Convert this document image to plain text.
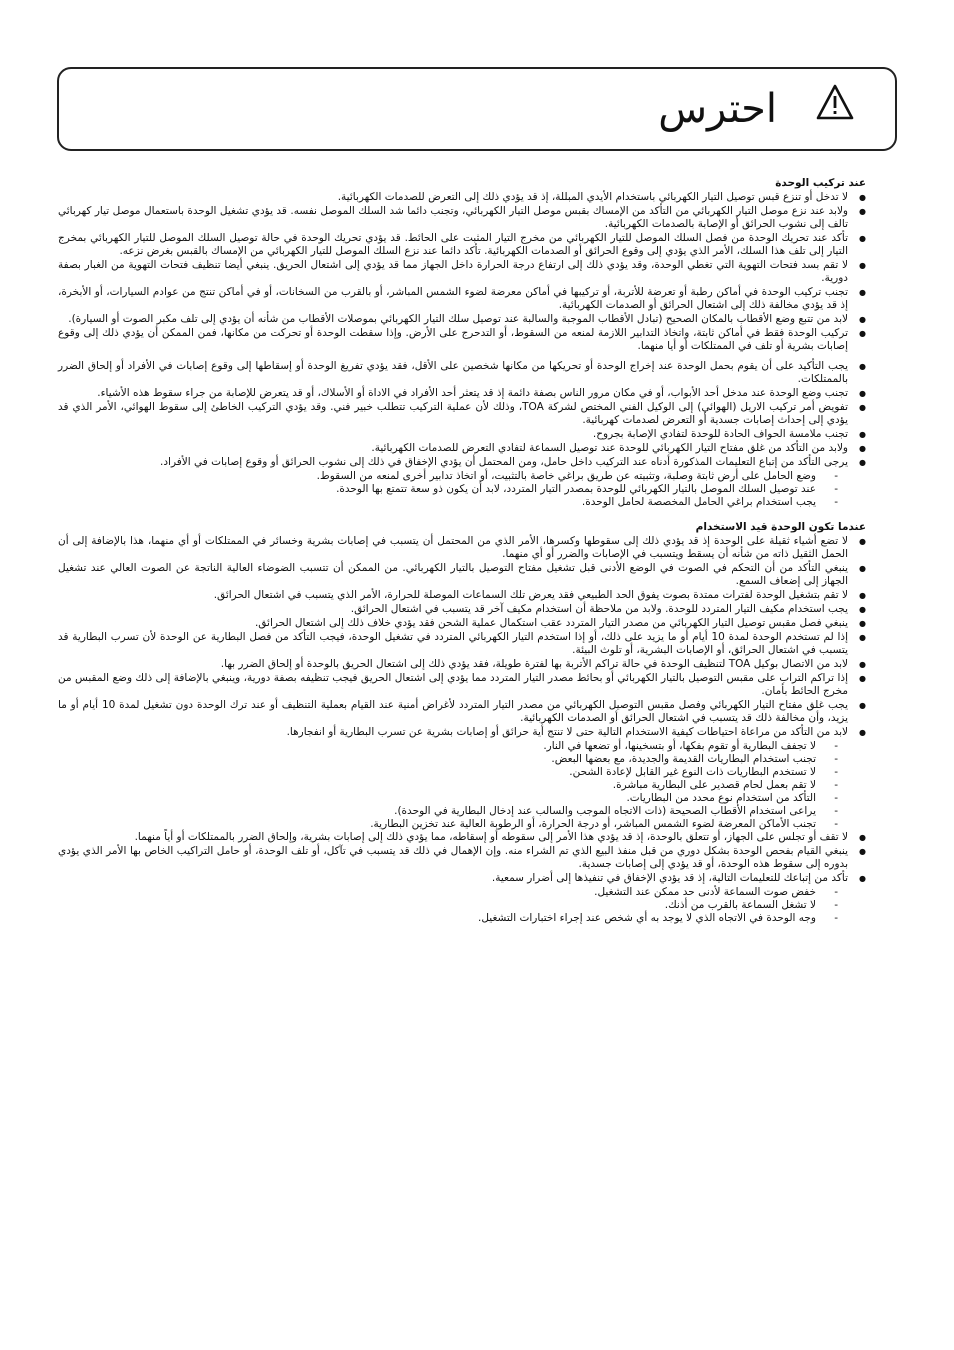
احترس
عند تركيب الوحدة
● لا تدخل أو تنزع قبس توصيل التيار الكهربائي باستخدام الأيدي المبللة، إذ قد يؤدي ذلك إلى التعرض للصدمات الكهربائية.
● ولابد عند نزع موصل التيار الكهربائي من التأكد من الإمساك بقبس موصل التيار الكهربائي، وتجنب دائما شد السلك الموصل نفسه. قد يؤدي تشغيل الوحدة باستعمال موصل تيار كهربائي تالف إلى نشوب الحرائق أو الإصابة بالصدمات الكهربائية.
● تأكد عند تحريك الوحدة من فصل السلك الموصل للتيار الكهربائي من مخرج التيار المثبت على الحائط. قد يؤدي تحريك الوحدة في حالة توصيل السلك الموصل للتيار الكهربائي بمخرج التيار إلى تلف هذا السلك، الأمر الذي يؤدي إلى وقوع الحرائق أو الصدمات الكهربائية. تأكد دائما عند نزع السلك الموصل للتيار الكهربائي من الإمساك بالقبس بغرض نزعه.
● لا تقم بسد فتحات التهوية التي تغطي الوحدة، وقد يؤدي ذلك إلى ارتفاع درجة الحرارة داخل الجهاز مما قد يؤدي إلى اشتعال الحريق. ينبغي أيضا تنظيف فتحات التهوية من الغبار بصفة دورية.
● تجنب تركيب الوحدة في أماكن رطبة أو تعرضة للأتربة، أو تركيبها في أماكن معرضة لضوء الشمس المباشر، أو بالقرب من السخانات، أو في أماكن تنتج من عوادم السيارات، أو الأبخرة، إذ قد يؤدي مخالفة ذلك إلى اشتعال الحرائق أو الصدمات الكهربائية.
● لابد من تتبع وضع الأقطاب بالمكان الصحيح (تبادل الأقطاب الموجبة والسالبة عند توصيل سلك التيار الكهربائي بموصلات الأقطاب من شأنه أن يؤدي إلى تلف مكبر الصوت أو السيارة).
● تركيب الوحدة فقط في أماكن ثابتة، واتخاذ التدابير اللازمة لمنعه من السقوط، أو التدحرج على الأرض. وإذا سقطت الوحدة أو تحركت من مكانها، فمن الممكن أن يؤدي ذلك إلى وقوع إصابات بشرية أو تلف في الممتلكات أو أيا منهما.
● يجب التأكيد على أن يقوم بحمل الوحدة عند إخراج الوحدة أو تحريكها من مكانها شخصين على الأقل، فقد يؤدي تفريغ الوحدة أو إسقاطها إلى وقوع إصابات في الأفراد أو إلحاق الضرر بالممتلكات.
● تجنب وضع الوحدة عند مدخل أحد الأبواب، أو في مكان مرور الناس بصفة دائمة إذ قد يتعثر أحد الأفراد في الاداة أو الأسلاك، أو قد يتعرض للإصابة من جراء سقوط هذه الأشياء.
● تفويض أمر تركيب الاريل (الهوائي) إلى الوكيل الفني المختص لشركة TOA، وذلك لأن عملية التركيب تتطلب خبير فني. وقد يؤدي التركيب الخاطئ إلى سقوط الهوائي، الأمر الذي قد يؤدي إلى إحداث إصابات جسدية أو التعرض لصدمات كهربائية.
● تجنب ملامسة الحواف الحادة للوحدة لتفادي الإصابة بجروح.
● ولابد من التأكد من غلق مفتاح التيار الكهربائي للوحدة عند توصيل السماعة لتفادي التعرض للصدمات الكهربائية.
● يرجى التأكد من إتباع التعليمات المذكورة أدناه عند التركيب داخل حامل، ومن المحتمل أن يؤدي الإخفاق في ذلك إلى نشوب الحرائق أو وقوع إصابات في الأفراد.
- وضع الحامل على أرض ثابتة وصلبة، وتثبيته عن طريق براغي خاصة بالتثبيت، أو اتخاذ تدابير أخرى لمنعه من السقوط.
- عند توصيل السلك الموصل بالتيار الكهربائي للوحدة بمصدر التيار المتردد، لابد أن يكون ذو سعة تتمتع بها الوحدة.
- يجب استخدام براغي الحامل المخصصة لحامل الوحدة.
عندما تكون الوحدة قيد الاستخدام
● لا تضع أشياء ثقيلة على الوحدة إذ قد يؤدي ذلك إلى سقوطها وكسرها، الأمر الذي من المحتمل أن يتسبب في إصابات بشرية وخسائر في الممتلكات أو أي منهما، هذا بالإضافة إلى أن الحمل الثقيل ذاته من شأنه أن يسقط ويتسبب في الإصابات والضرر أو أي منهما.
● ينبغي التأكد من أن التحكم في الصوت في الوضع الأدنى قبل تشغيل مفتاح التوصيل بالتيار الكهربائي. من الممكن أن تتسبب الضوضاء العالية الناتجة عن الصوت العالي عند تشغيل الجهاز إلى إضعاف السمع.
● لا تقم بتشغيل الوحدة لفترات ممتدة بصوت يفوق الحد الطبيعي فقد يعرض تلك السماعات الموصلة للحرارة، الأمر الذي يتسبب في اشتعال الحرائق.
● يجب استخدام مكيف التيار المتردد للوحدة. ولابد من ملاحظة أن استخدام مكيف آخر قد يتسبب في اشتعال الحرائق.
● ينبغي فصل مقبس توصيل التيار الكهربائي من مصدر التيار المتردد عقب استكمال عملية الشحن فقد يؤدي خلاف ذلك إلى اشتعال الحرائق.
● إذا لم تستخدم الوحدة لمدة 10 أيام أو ما يزيد على ذلك، أو إذا استخدم التيار الكهربائي المتردد في تشغيل الوحدة، فيجب التأكد من فصل البطارية عن الوحدة لأن تسرب البطارية قد يتسبب في اشتعال الحرائق، أو الإصابات البشرية، أو تلوث البيئة.
● لابد من الاتصال بوكيل TOA لتنظيف الوحدة في حالة تراكم الأتربة بها لفترة طويلة، فقد يؤدي ذلك إلى اشتعال الحريق بالوحدة أو إلحاق الضرر بها.
● إذا تراكم التراب على مقبس التوصيل بالتيار الكهربائي أو بحائط مصدر التيار المتردد مما يؤدي إلى اشتعال الحريق فيجب تنظيفه بصفة دورية، وينبغي بالإضافة إلى ذلك وضع المقبس من مخرج الحائط بأمان.
● يجب غلق مفتاح التيار الكهربائي وفصل مقبس التوصيل الكهربائي من مصدر التيار المتردد لأغراض أمنية عند القيام بعملية التنظيف أو عند ترك الوحدة دون تشغيل لمدة 10 أيام أو ما يزيد، وأن مخالفة ذلك قد يتسبب في اشتعال الحرائق أو الصدمات الكهربائية.
● لابد من التأكد من مراعاة احتياطات كيفية الاستخدام التالية حتى لا تنتج أية حرائق أو إصابات بشرية عن تسرب البطارية أو انفجارها.
- لا تجفف البطارية أو تقوم بفكها، أو بتسخينها، أو تضعها في النار.
- تجنب استخدام البطاريات القديمة والجديدة، مع بعضها البعض.
- لا تستخدم البطاريات ذات النوع غير القابل لإعادة الشحن.
- لا تقم بعمل لحام قصدير على البطارية مباشرة.
- التأكد من استخدام نوع محدد من البطاريات.
- يراعى استخدام الأقطاب الصحيحة (ذات الاتجاه الموجب والسالب عند إدخال البطارية في الوحدة).
- تجنب الأماكن المعرضة لضوء الشمس المباشر، أو درجة الحرارة، أو الرطوبة العالية عند تخزين البطارية.
● لا تقف أو تجلس على الجهاز، أو تتعلق بالوحدة، إذ قد يؤدي هذا الأمر إلى سقوطه أو إسقاطه، مما يؤدي ذلك إلى إصابات بشرية، وإلحاق الضرر بالممتلكات أو أياً منهما.
● ينبغي القيام بفحص الوحدة بشكل دوري من قبل منفذ البيع الذي تم الشراء منه. وإن الإهمال في ذلك قد يتسبب في تآكل، أو تلف الوحدة، أو حامل التراكيب الخاص بها الأمر الذي يؤدي بدوره إلى سقوط هذه الوحدة، أو قد يؤدي إلى إصابات جسدية.
● تأكد من إتباعك للتعليمات التالية، إذ قد يؤدي الإخفاق في تنفيذها إلى أضرار سمعية.
- خفض صوت السماعة لأدنى حد ممكن عند التشغيل.
- لا تشغل السماعة بالقرب من أذنك.
- وجه الوحدة في الاتجاه الذي لا يوجد به أي شخص عند إجراء اختبارات التشغيل.
